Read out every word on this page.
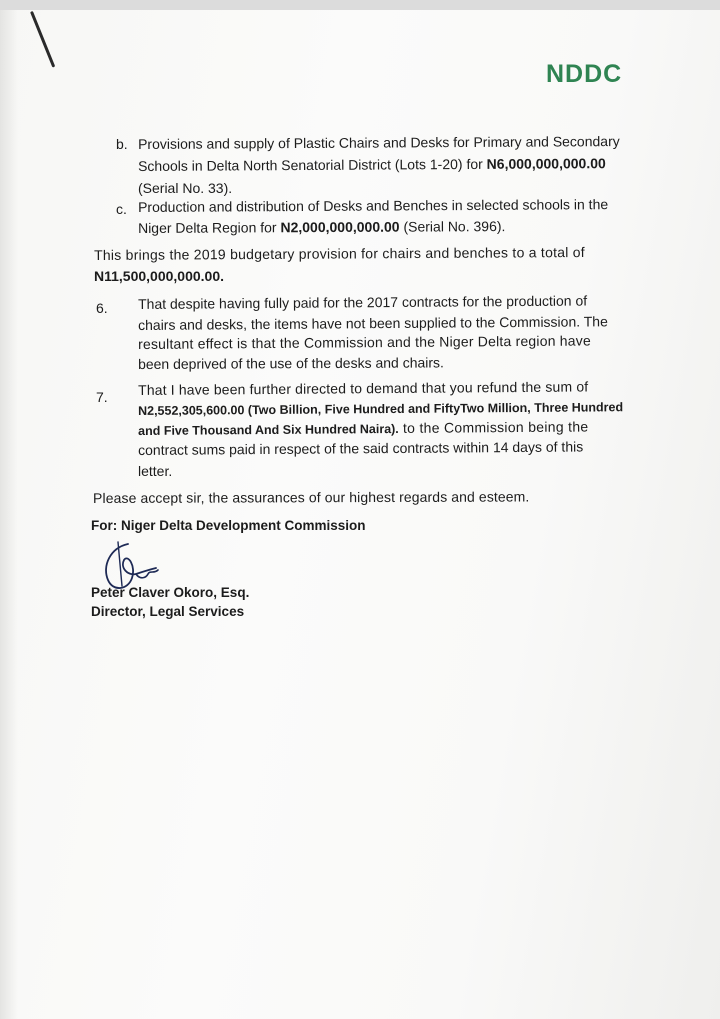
NDDC
b. Provisions and supply of Plastic Chairs and Desks for Primary and Secondary
Schools in Delta North Senatorial District (Lots 1-20) for N6,000,000,000.00
(Serial No. 33).
c. Production and distribution of Desks and Benches in selected schools in the
Niger Delta Region for N2,000,000,000.00 (Serial No. 396).
This brings the 2019 budgetary provision for chairs and benches to a total of
N11,500,000,000.00.
6. That despite having fully paid for the 2017 contracts for the production of
chairs and desks, the items have not been supplied to the Commission. The
resultant effect is that the Commission and the Niger Delta region have
been deprived of the use of the desks and chairs.
7. That I have been further directed to demand that you refund the sum of
N2,552,305,600.00 (Two Billion, Five Hundred and FiftyTwo Million, Three Hundred
and Five Thousand And Six Hundred Naira). to the Commission being the
contract sums paid in respect of the said contracts within 14 days of this
letter.
Please accept sir, the assurances of our highest regards and esteem.
For: Niger Delta Development Commission
Peter Claver Okoro, Esq.
Director, Legal Services
